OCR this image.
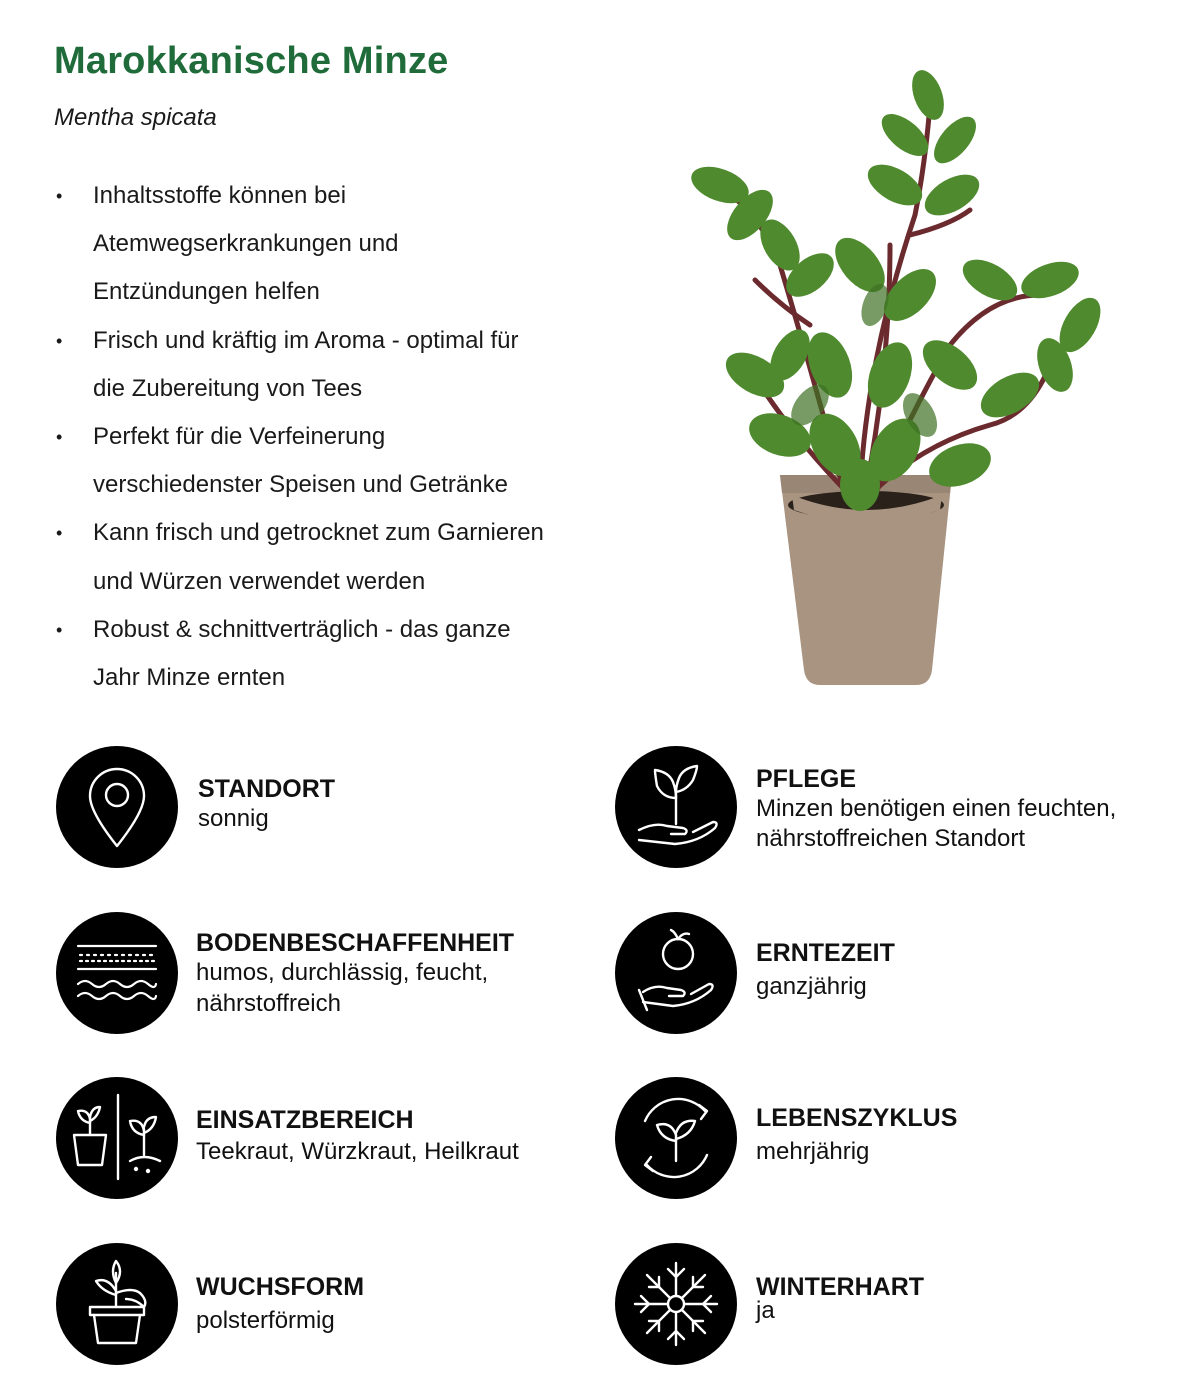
Marokkanische Minze
Mentha spicata
• Inhaltsstoffe können bei
Atemwegserkrankungen und
Entzündungen helfen
• Frisch und kräftig im Aroma - optimal für
die Zubereitung von Tees
• Perfekt für die Verfeinerung
verschiedenster Speisen und Getränke
• Kann frisch und getrocknet zum Garnieren
und Würzen verwendet werden
• Robust & schnittverträglich - das ganze
Jahr Minze ernten
STANDORT
sonnig
PFLEGE
Minzen benötigen einen feuchten,
nährstoffreichen Standort
BODENBESCHAFFENHEIT
humos, durchlässig, feucht,
nährstoffreich
ERNTEZEIT
ganzjährig
EINSATZBEREICH
Teekraut, Würzkraut, Heilkraut
LEBENSZYKLUS
mehrjährig
WUCHSFORM
polsterförmig
WINTERHART
ja
